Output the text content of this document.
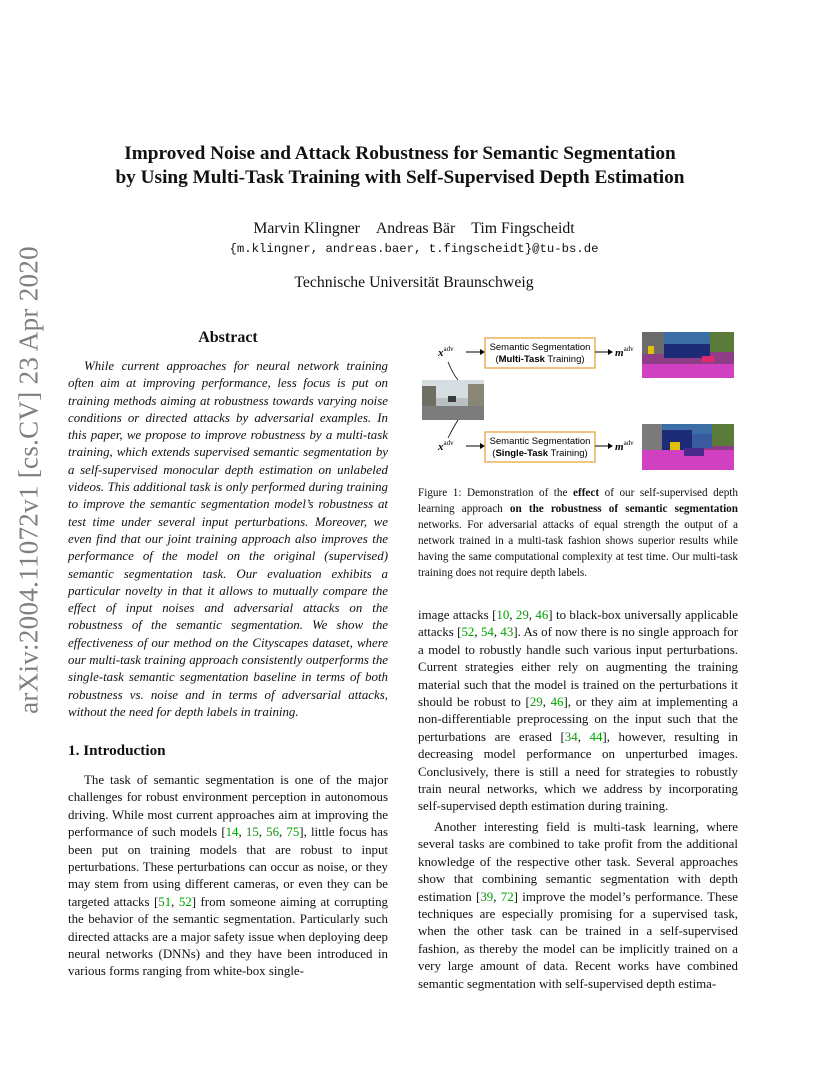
arXiv:2004.11072v1 [cs.CV] 23 Apr 2020
Improved Noise and Attack Robustness for Semantic Segmentation
by Using Multi-Task Training with Self-Supervised Depth Estimation
Marvin Klingner Andreas Bär Tim Fingscheidt
{m.klingner, andreas.baer, t.fingscheidt}@tu-bs.de
Technische Universität Braunschweig
Abstract
While current approaches for neural network training often aim at improving performance, less focus is put on training methods aiming at robustness towards varying noise conditions or directed attacks by adversarial examples. In this paper, we propose to improve robustness by a multi-task training, which extends supervised semantic segmentation by a self-supervised monocular depth estimation on unlabeled videos. This additional task is only performed during training to improve the semantic segmentation model’s robustness at test time under several input perturbations. Moreover, we even find that our joint training approach also improves the performance of the model on the original (supervised) semantic segmentation task. Our evaluation exhibits a particular novelty in that it allows to mutually compare the effect of input noises and adversarial attacks on the robustness of the semantic segmentation. We show the effectiveness of our method on the Cityscapes dataset, where our multi-task training approach consistently outperforms the single-task semantic segmentation baseline in terms of both robustness vs. noise and in terms of adversarial attacks, without the need for depth labels in training.
1. Introduction

The task of semantic segmentation is one of the major challenges for robust environment perception in autonomous driving. While most current approaches aim at improving the performance of such models [14, 15, 56, 75], little focus has been put on training models that are robust to input perturbations. These perturbations can occur as noise, or they may stem from using different cameras, or even they can be targeted attacks [51, 52] from someone aiming at corrupting the behavior of the semantic segmentation. Particularly such directed attacks are a major safety issue when deploying deep neural networks (DNNs) and they have been introduced in various forms ranging from white-box single-

$x^{adv}$	Semantic Segmentation
(Multi-Task Training)
$m^{adv}$
$x^{adv}$	Semantic Segmentation
(Single-Task Training)
$m^{adv}$
Figure 1: Demonstration of the effect of our self-supervised depth learning approach on the robustness of semantic segmentation networks. For adversarial attacks of equal strength the output of a network trained in a multi-task fashion shows superior results while having the same computational complexity at test time. Our multi-task training does not require depth labels.

image attacks [10, 29, 46] to black-box universally applicable attacks [52, 54, 43]. As of now there is no single approach for a model to robustly handle such various input perturbations. Current strategies either rely on augmenting the training material such that the model is trained on the perturbations it should be robust to [29, 46], or they aim at implementing a non-differentiable preprocessing on the input such that the perturbations are erased [34, 44], however, resulting in decreasing model performance on unperturbed images. Conclusively, there is still a need for strategies to robustly train neural networks, which we address by incorporating self-supervised depth estimation during training.

Another interesting field is multi-task learning, where several tasks are combined to take profit from the additional knowledge of the respective other task. Several approaches show that combining semantic segmentation with depth estimation [39, 72] improve the model’s performance. These techniques are especially promising for a supervised task, when the other task can be trained in a self-supervised fashion, as thereby the model can be implicitly trained on a very large amount of data. Recent works have combined semantic segmentation with self-supervised depth estima-
